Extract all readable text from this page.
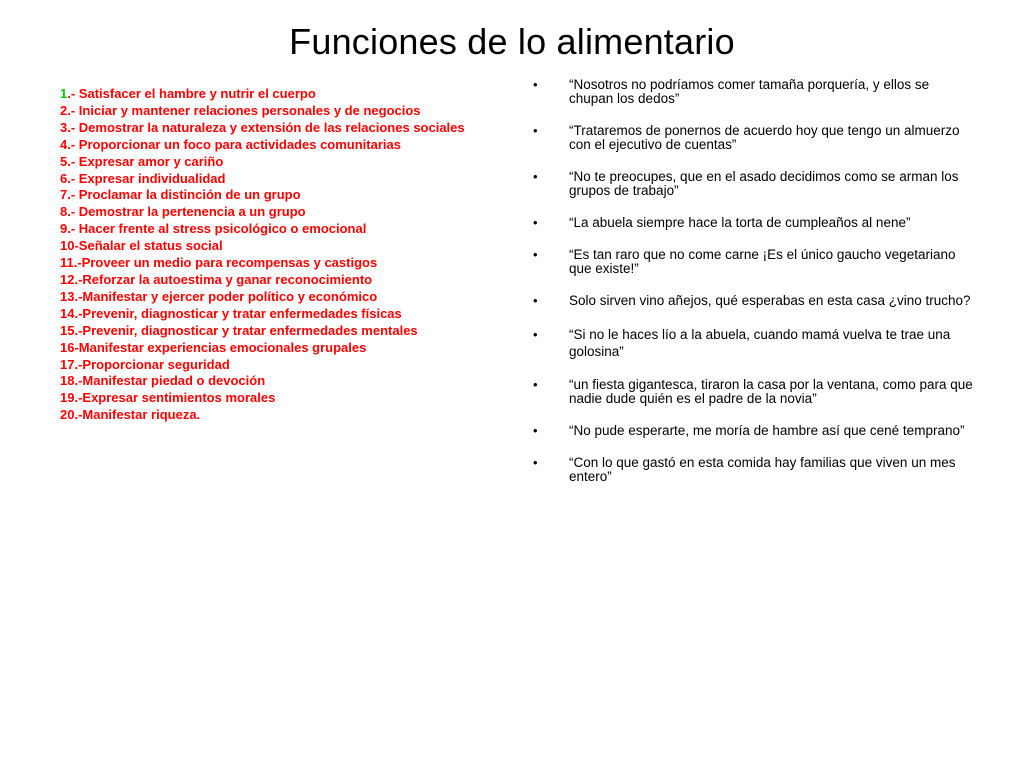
Funciones de lo alimentario
1.- Satisfacer el hambre y nutrir el cuerpo
2.- Iniciar y mantener relaciones personales y de negocios
3.- Demostrar la naturaleza y extensión de las relaciones sociales
4.- Proporcionar un foco para actividades comunitarias
5.- Expresar amor y cariño
6.- Expresar individualidad
7.- Proclamar la distinción de un grupo
8.- Demostrar la pertenencia a un grupo
9.- Hacer frente al stress psicológico o emocional
10-Señalar el status social
11.-Proveer un medio para recompensas y castigos
12.-Reforzar la autoestima y ganar reconocimiento
13.-Manifestar y ejercer poder político y económico
14.-Prevenir, diagnosticar y tratar enfermedades físicas
15.-Prevenir, diagnosticar y tratar enfermedades mentales
16-Manifestar experiencias emocionales grupales
17.-Proporcionar seguridad
18.-Manifestar piedad o devoción
19.-Expresar sentimientos morales
20.-Manifestar riqueza.
• “Nosotros no podríamos comer tamaña porquería, y ellos se chupan los dedos”
• “Trataremos de ponernos de acuerdo hoy que tengo un almuerzo con el ejecutivo de cuentas”
• “No te preocupes, que en el asado decidimos como se arman los grupos de trabajo”
• “La abuela siempre hace la torta de cumpleaños al nene”
• “Es tan raro que no come carne ¡Es el único gaucho vegetariano que existe!”
• Solo sirven vino añejos, qué esperabas en esta casa ¿vino trucho?
• “Si no le haces lío a la abuela, cuando mamá vuelva te trae una golosina”
• “un fiesta gigantesca, tiraron la casa por la ventana, como para que nadie dude quién es el padre de la novia”
• “No pude esperarte, me moría de hambre así que cené temprano”
• “Con lo que gastó en esta comida hay familias que viven un mes entero”
